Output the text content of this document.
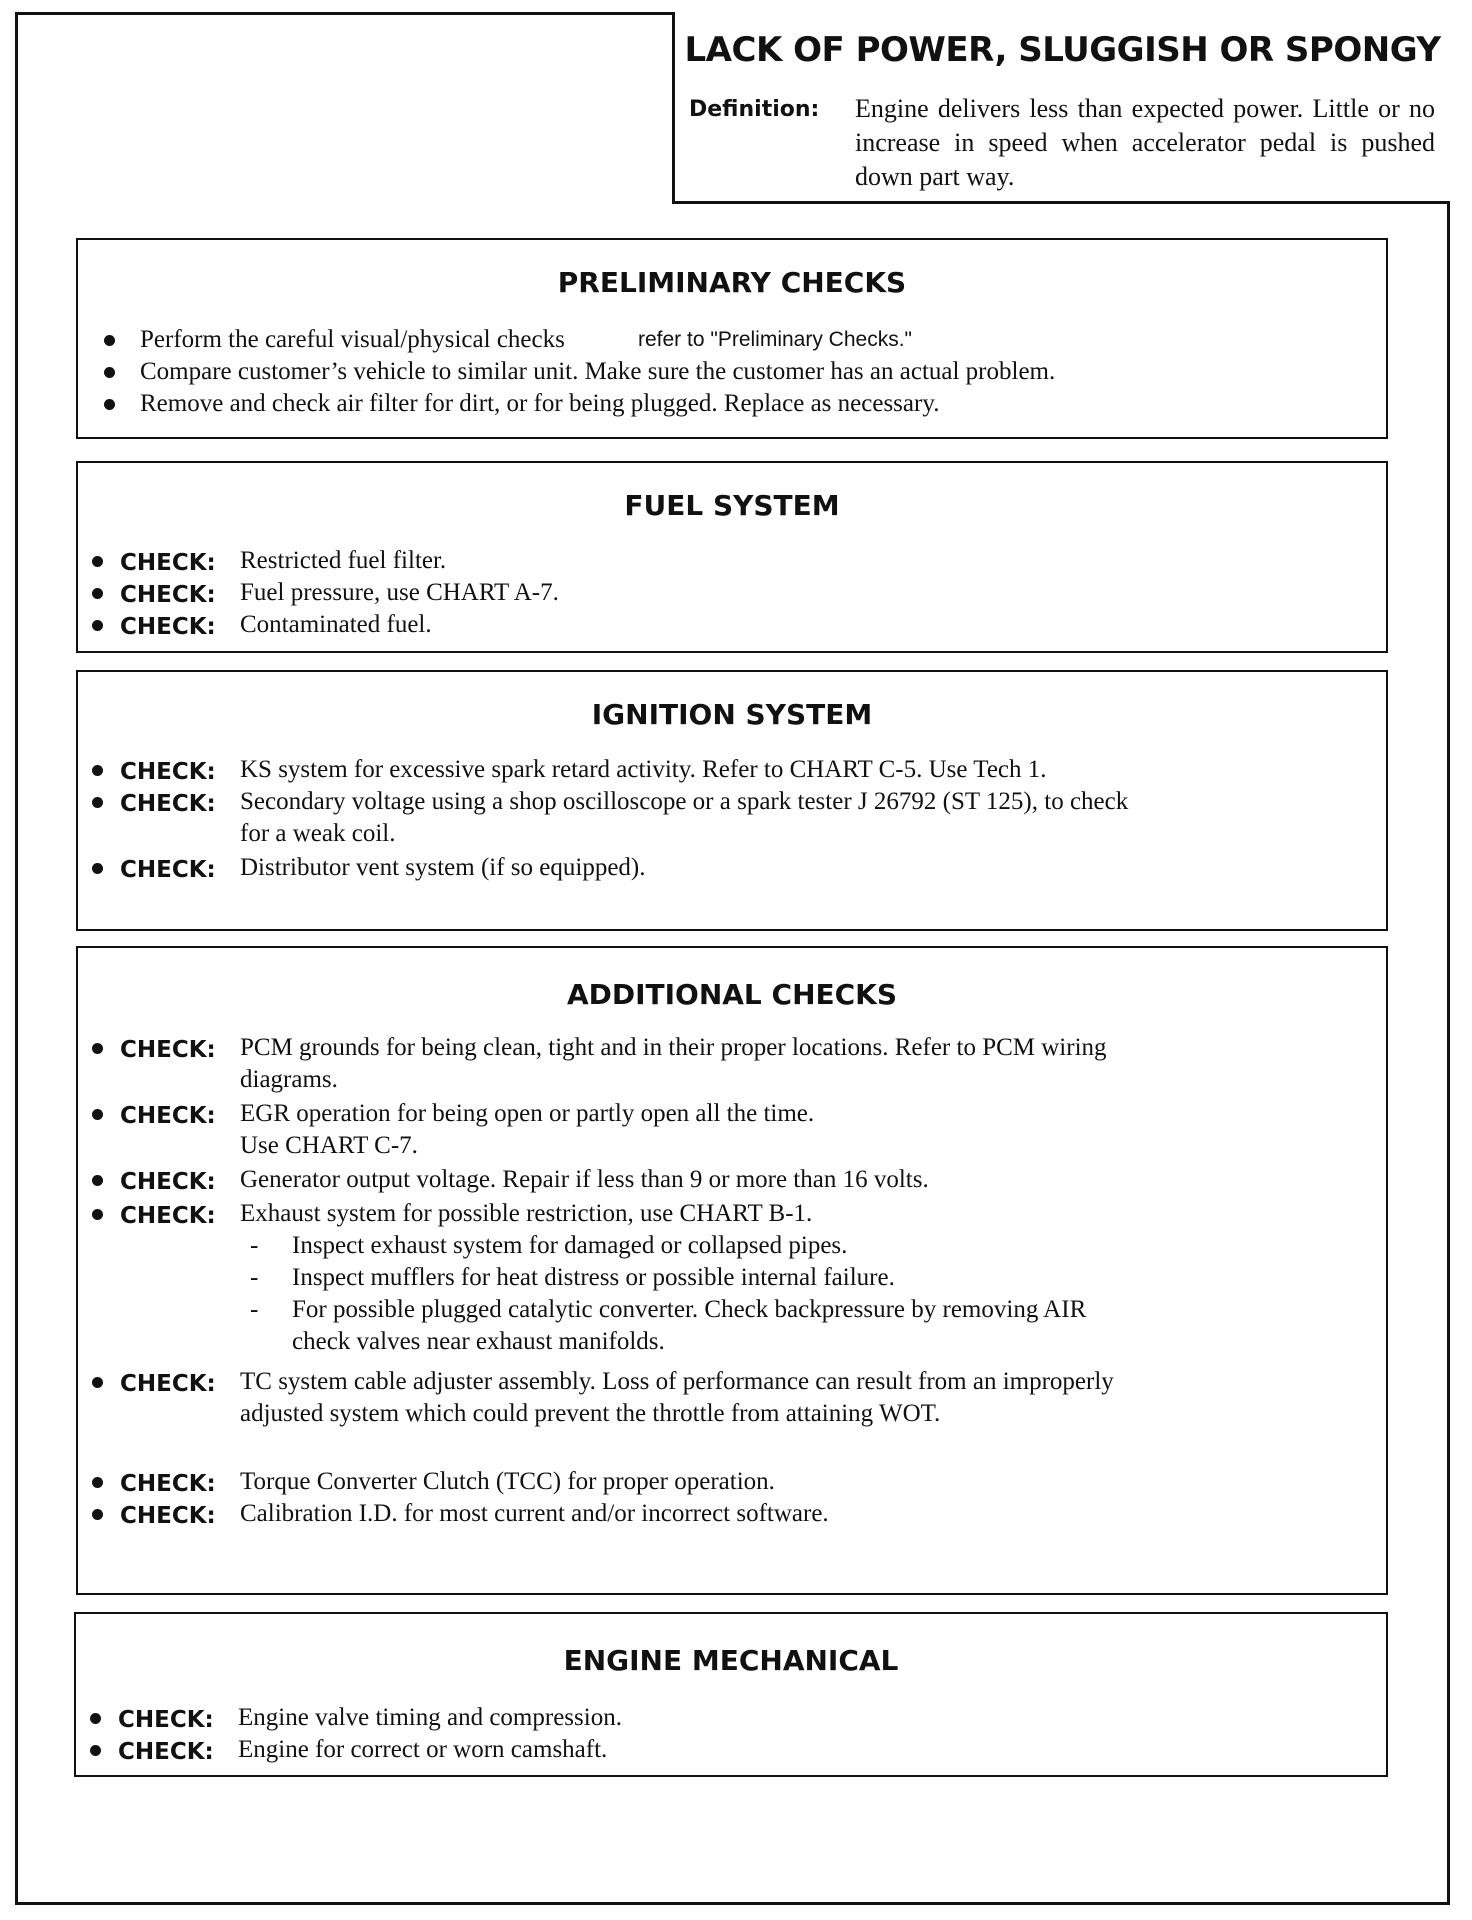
LACK OF POWER, SLUGGISH OR SPONGY
Definition: Engine delivers less than expected power. Little or no increase in speed when accelerator pedal is pushed down part way.
PRELIMINARY CHECKS
Perform the careful visual/physical checks	refer to "Preliminary Checks."
Compare customer’s vehicle to similar unit. Make sure the customer has an actual problem.
Remove and check air filter for dirt, or for being plugged. Replace as necessary.
FUEL SYSTEM
CHECK: Restricted fuel filter.
CHECK: Fuel pressure, use CHART A-7.
CHECK: Contaminated fuel.
IGNITION SYSTEM
CHECK: KS system for excessive spark retard activity. Refer to CHART C-5. Use Tech 1.
CHECK: Secondary voltage using a shop oscilloscope or a spark tester J 26792 (ST 125), to check
for a weak coil.
CHECK: Distributor vent system (if so equipped).
ADDITIONAL CHECKS
CHECK: PCM grounds for being clean, tight and in their proper locations. Refer to PCM wiring
diagrams.
CHECK: EGR operation for being open or partly open all the time.
Use CHART C-7.
CHECK: Generator output voltage. Repair if less than 9 or more than 16 volts.
CHECK: Exhaust system for possible restriction, use CHART B-1.
- Inspect exhaust system for damaged or collapsed pipes.
- Inspect mufflers for heat distress or possible internal failure.
- For possible plugged catalytic converter. Check backpressure by removing AIR
check valves near exhaust manifolds.
CHECK: TC system cable adjuster assembly. Loss of performance can result from an improperly
adjusted system which could prevent the throttle from attaining WOT.
CHECK: Torque Converter Clutch (TCC) for proper operation.
CHECK: Calibration I.D. for most current and/or incorrect software.
ENGINE MECHANICAL
CHECK: Engine valve timing and compression.
CHECK: Engine for correct or worn camshaft.
